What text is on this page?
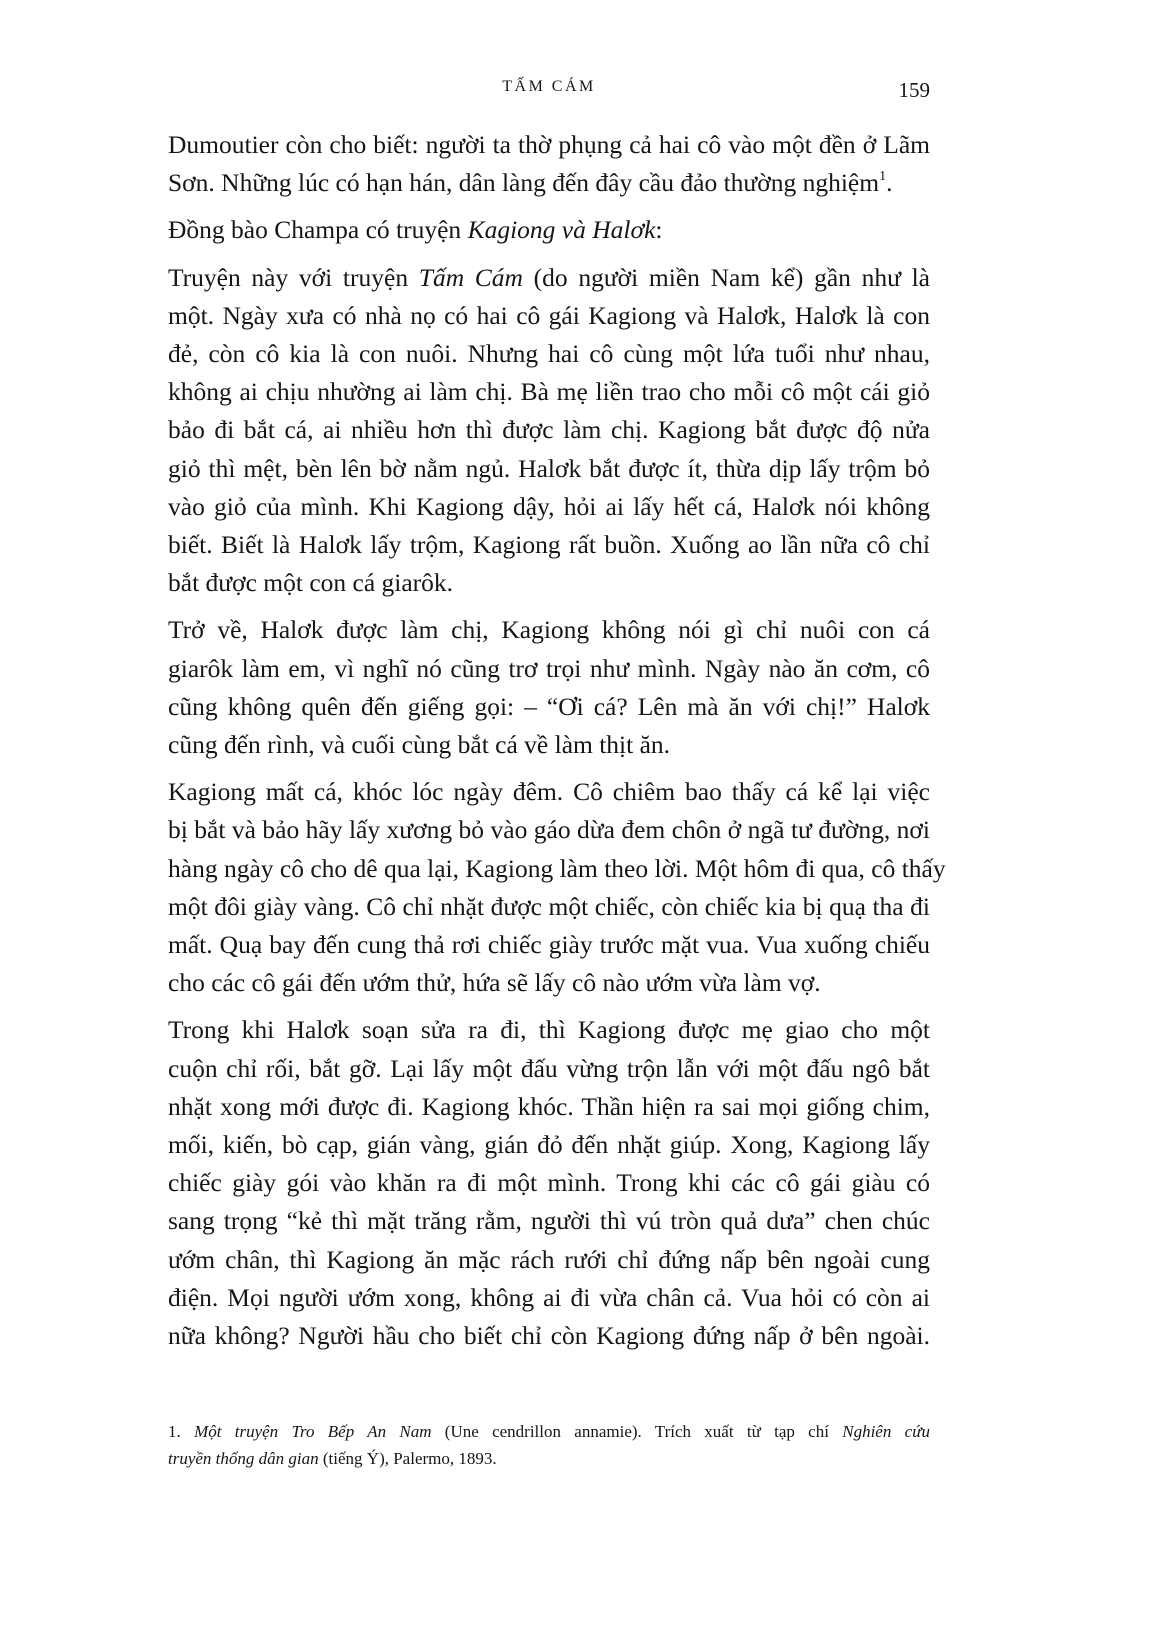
TẤM CÁM	159

Dumoutier còn cho biết: người ta thờ phụng cả hai cô vào một đền ở Lãm
Sơn. Những lúc có hạn hán, dân làng đến đây cầu đảo thường nghiệm$^1$.

Đồng bào Champa có truyện Kagiong và Halơk:

Truyện này với truyện Tấm Cám (do người miền Nam kể) gần như là
một. Ngày xưa có nhà nọ có hai cô gái Kagiong và Halơk, Halơk là con
đẻ, còn cô kia là con nuôi. Nhưng hai cô cùng một lứa tuổi như nhau,
không ai chịu nhường ai làm chị. Bà mẹ liền trao cho mỗi cô một cái giỏ
bảo đi bắt cá, ai nhiều hơn thì được làm chị. Kagiong bắt được độ nửa
giỏ thì mệt, bèn lên bờ nằm ngủ. Halơk bắt được ít, thừa dịp lấy trộm bỏ
vào giỏ của mình. Khi Kagiong dậy, hỏi ai lấy hết cá, Halơk nói không
biết. Biết là Halơk lấy trộm, Kagiong rất buồn. Xuống ao lần nữa cô chỉ
bắt được một con cá giarôk.

Trở về, Halơk được làm chị, Kagiong không nói gì chỉ nuôi con cá
giarôk làm em, vì nghĩ nó cũng trơ trọi như mình. Ngày nào ăn cơm, cô
cũng không quên đến giếng gọi: – “Ơi cá? Lên mà ăn với chị!” Halơk
cũng đến rình, và cuối cùng bắt cá về làm thịt ăn.

Kagiong mất cá, khóc lóc ngày đêm. Cô chiêm bao thấy cá kể lại việc
bị bắt và bảo hãy lấy xương bỏ vào gáo dừa đem chôn ở ngã tư đường, nơi
hàng ngày cô cho dê qua lại, Kagiong làm theo lời. Một hôm đi qua, cô thấy
một đôi giày vàng. Cô chỉ nhặt được một chiếc, còn chiếc kia bị quạ tha đi
mất. Quạ bay đến cung thả rơi chiếc giày trước mặt vua. Vua xuống chiếu
cho các cô gái đến ướm thử, hứa sẽ lấy cô nào ướm vừa làm vợ.

Trong khi Halơk soạn sửa ra đi, thì Kagiong được mẹ giao cho một
cuộn chỉ rối, bắt gỡ. Lại lấy một đấu vừng trộn lẫn với một đấu ngô bắt
nhặt xong mới được đi. Kagiong khóc. Thần hiện ra sai mọi giống chim,
mối, kiến, bò cạp, gián vàng, gián đỏ đến nhặt giúp. Xong, Kagiong lấy
chiếc giày gói vào khăn ra đi một mình. Trong khi các cô gái giàu có
sang trọng “kẻ thì mặt trăng rằm, người thì vú tròn quả dưa” chen chúc
ướm chân, thì Kagiong ăn mặc rách rưới chỉ đứng nấp bên ngoài cung
điện. Mọi người ướm xong, không ai đi vừa chân cả. Vua hỏi có còn ai
nữa không? Người hầu cho biết chỉ còn Kagiong đứng nấp ở bên ngoài.

1. Một truyện Tro Bếp An Nam (Une cendrillon annamie). Trích xuất từ tạp chí Nghiên cứu
truyền thống dân gian (tiếng Ý), Palermo, 1893.
